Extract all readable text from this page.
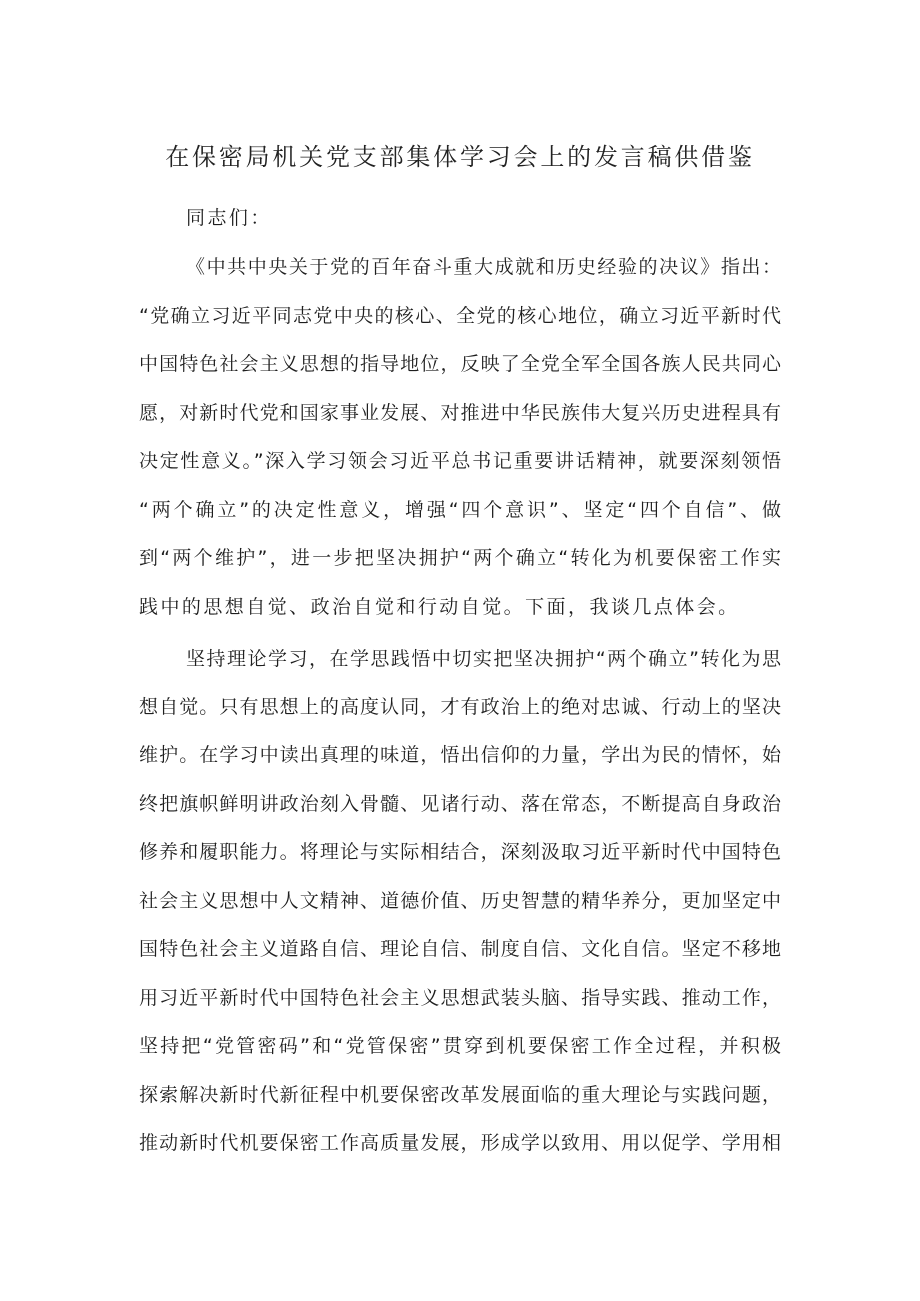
在保密局机关党支部集体学习会上的发言稿供借鉴
同志们：
《中共中央关于党的百年奋斗重大成就和历史经验的决议》指出：
“党确立习近平同志党中央的核心、全党的核心地位，确立习近平新时代
中国特色社会主义思想的指导地位，反映了全党全军全国各族人民共同心
愿，对新时代党和国家事业发展、对推进中华民族伟大复兴历史进程具有
决定性意义。”深入学习领会习近平总书记重要讲话精神，就要深刻领悟
“两个确立”的决定性意义，增强“四个意识”、坚定“四个自信”、做
到“两个维护”，进一步把坚决拥护“两个确立“转化为机要保密工作实
践中的思想自觉、政治自觉和行动自觉。下面，我谈几点体会。
坚持理论学习，在学思践悟中切实把坚决拥护“两个确立”转化为思
想自觉。只有思想上的高度认同，才有政治上的绝对忠诚、行动上的坚决
维护。在学习中读出真理的味道，悟出信仰的力量，学出为民的情怀，始
终把旗帜鲜明讲政治刻入骨髓、见诸行动、落在常态，不断提高自身政治
修养和履职能力。将理论与实际相结合，深刻汲取习近平新时代中国特色
社会主义思想中人文精神、道德价值、历史智慧的精华养分，更加坚定中
国特色社会主义道路自信、理论自信、制度自信、文化自信。坚定不移地
用习近平新时代中国特色社会主义思想武装头脑、指导实践、推动工作，
坚持把“党管密码”和“党管保密”贯穿到机要保密工作全过程，并积极
探索解决新时代新征程中机要保密改革发展面临的重大理论与实践问题，
推动新时代机要保密工作高质量发展，形成学以致用、用以促学、学用相
